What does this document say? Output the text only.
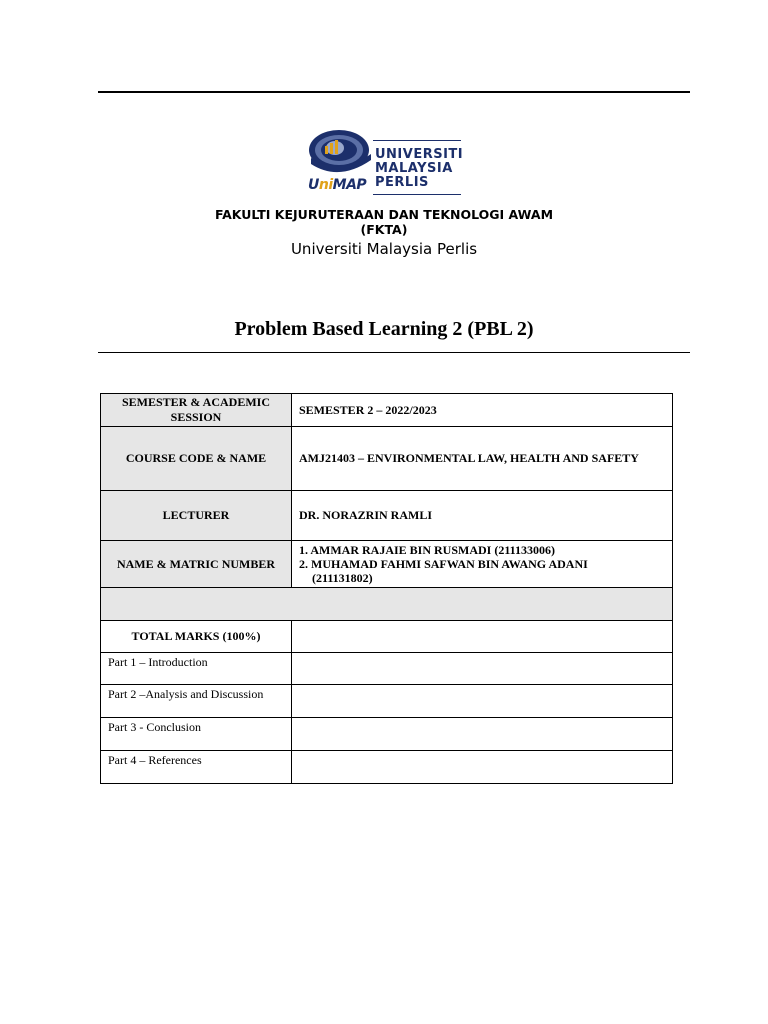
UNIVERSITI
MALAYSIA
PERLIS
UniMAP
FAKULTI KEJURUTERAAN DAN TEKNOLOGI AWAM
(FKTA)
Universiti Malaysia Perlis
Problem Based Learning 2 (PBL 2)
SEMESTER & ACADEMIC SESSION	SEMESTER 2 – 2022/2023
COURSE CODE & NAME	AMJ21403 – ENVIRONMENTAL LAW, HEALTH AND SAFETY
LECTURER	DR. NORAZRIN RAMLI
NAME & MATRIC NUMBER	1. AMMAR RAJAIE BIN RUSMADI (211133006)
2. MUHAMAD FAHMI SAFWAN BIN AWANG ADANI
(211131802)

TOTAL MARKS (100%)	
Part 1 – Introduction	
Part 2 –Analysis and Discussion	
Part 3 - Conclusion	
Part 4 – References	
